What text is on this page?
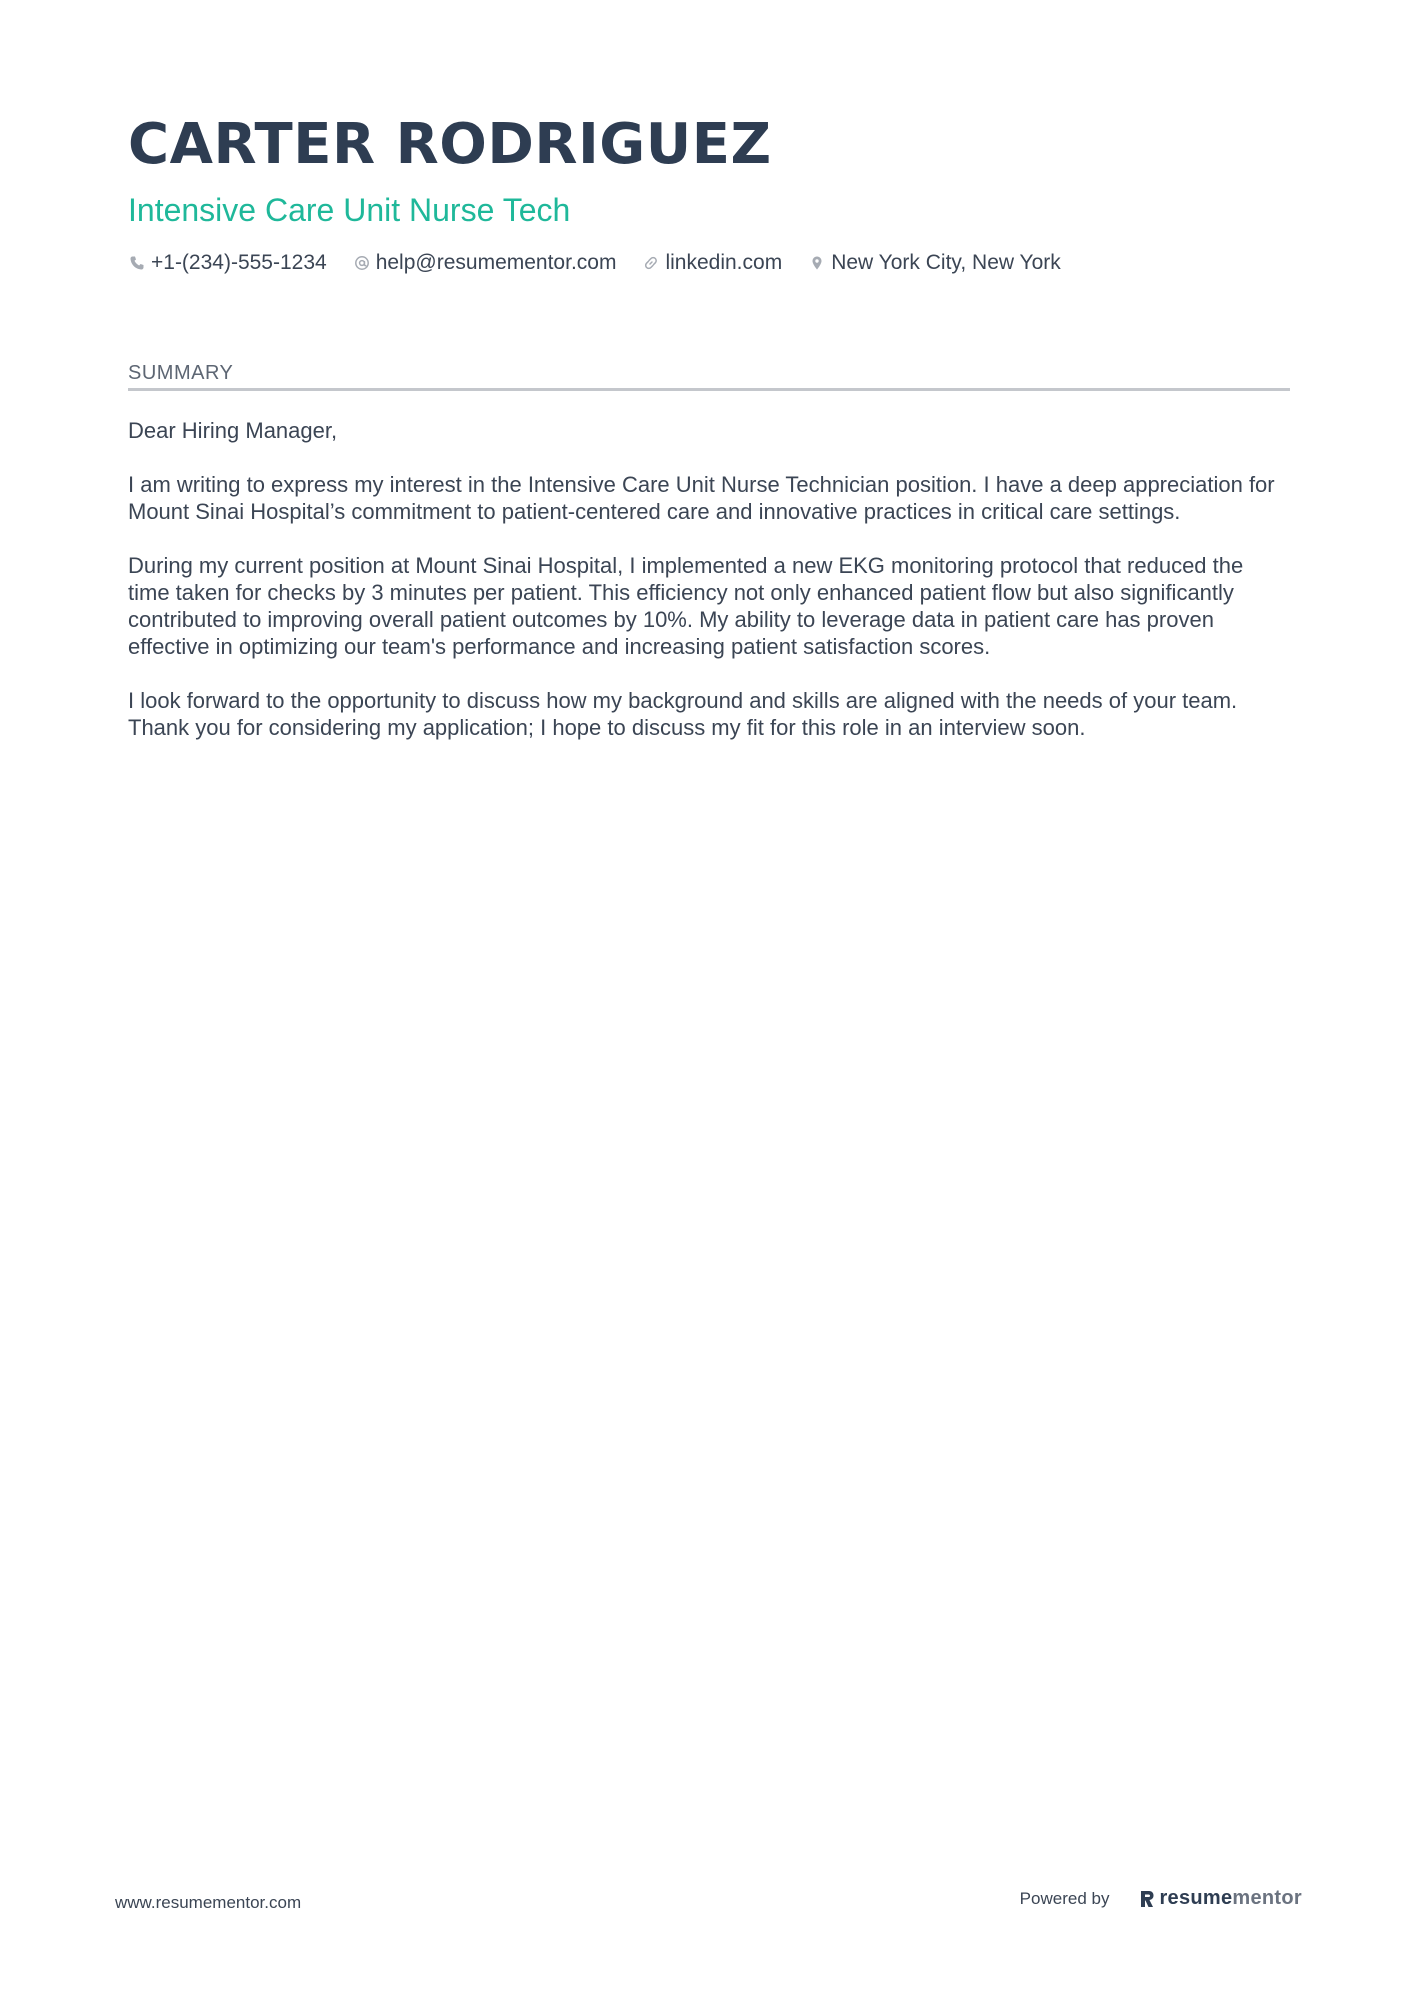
CARTER RODRIGUEZ
Intensive Care Unit Nurse Tech
+1-(234)-555-1234 help@resumementor.com linkedin.com New York City, New York
SUMMARY

Dear Hiring Manager,

I am writing to express my interest in the Intensive Care Unit Nurse Technician position. I have a deep appreciation for Mount Sinai Hospital’s commitment to patient-centered care and innovative practices in critical care settings.

During my current position at Mount Sinai Hospital, I implemented a new EKG monitoring protocol that reduced the time taken for checks by 3 minutes per patient. This efficiency not only enhanced patient flow but also significantly contributed to improving overall patient outcomes by 10%. My ability to leverage data in patient care has proven effective in optimizing our team's performance and increasing patient satisfaction scores.

I look forward to the opportunity to discuss how my background and skills are aligned with the needs of your team. Thank you for considering my application; I hope to discuss my fit for this role in an interview soon.

www.resumementor.com	Powered by	resume mentor
